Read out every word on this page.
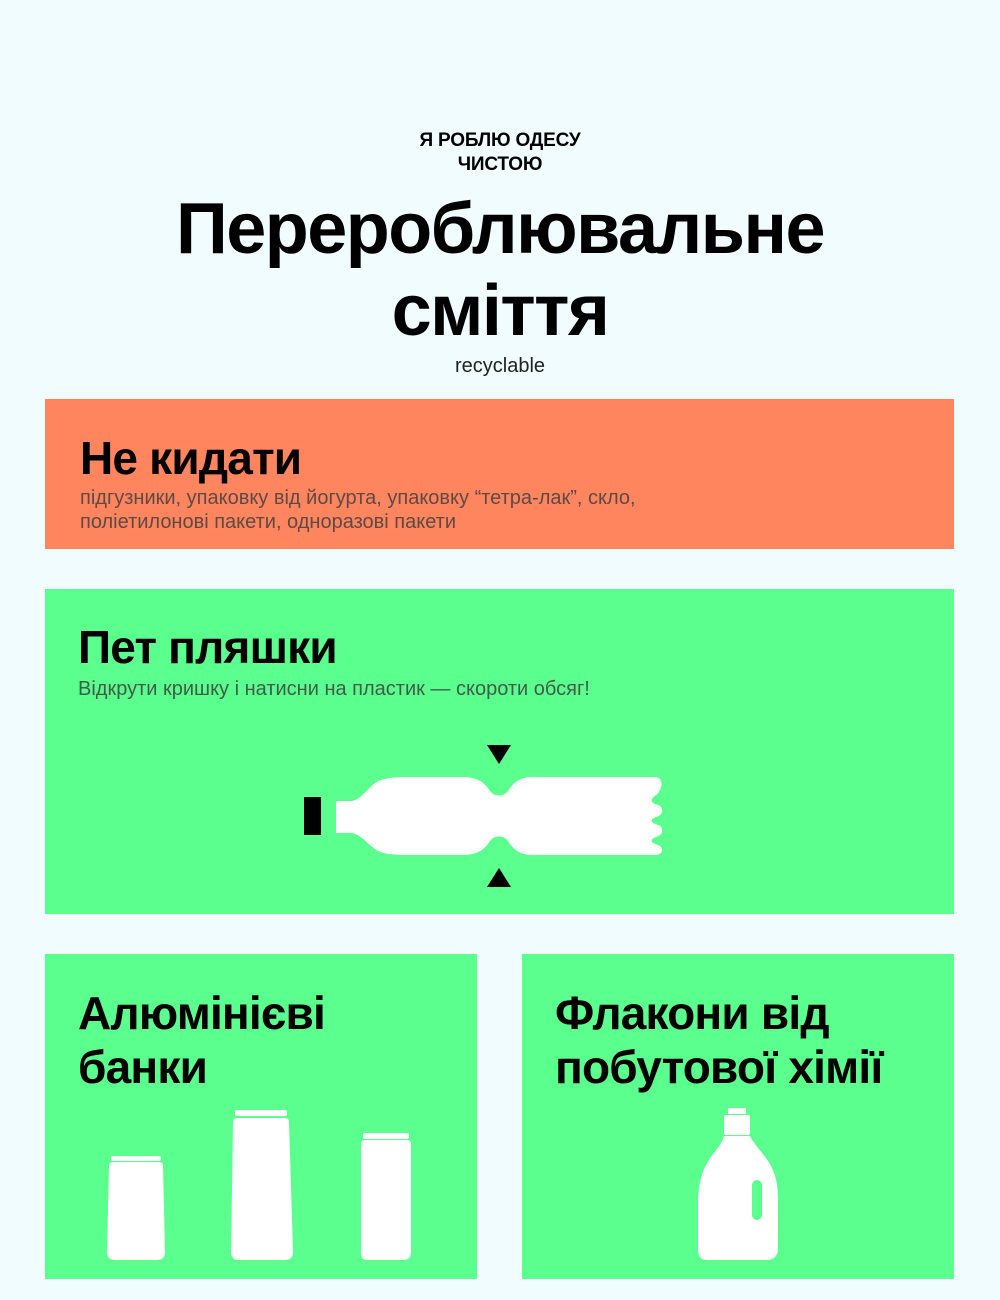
Я РОБЛЮ ОДЕСУ
ЧИСТОЮ
Перероблювальне
сміття
recyclable
Не кидати
підгузники, упаковку від йогурта, упаковку “тетра-лак”, скло,
поліетилонові пакети, одноразові пакети
Пет пляшки
Відкрути кришку і натисни на пластик — скороти обсяг!
Алюмінієві
банки
Флакони від
побутової хімії
